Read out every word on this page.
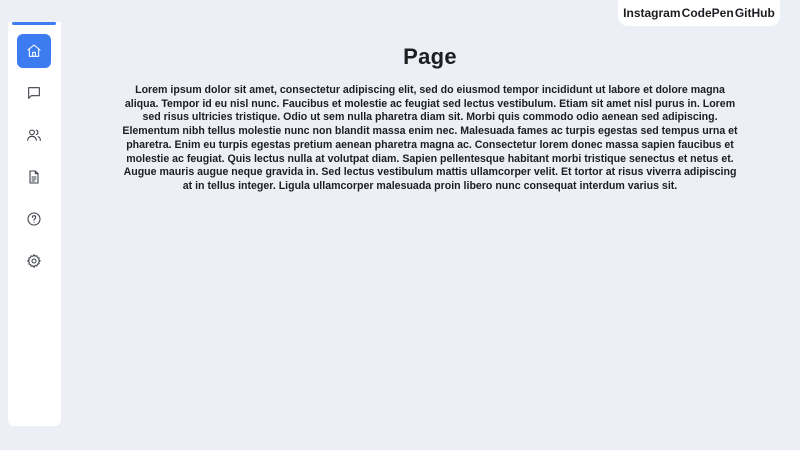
Instagram CodePen GitHub
Page

Lorem ipsum dolor sit amet, consectetur adipiscing elit, sed do eiusmod tempor incididunt ut labore et dolore magna aliqua. Tempor id eu nisl nunc. Faucibus et molestie ac feugiat sed lectus vestibulum. Etiam sit amet nisl purus in. Lorem sed risus ultricies tristique. Odio ut sem nulla pharetra diam sit. Morbi quis commodo odio aenean sed adipiscing. Elementum nibh tellus molestie nunc non blandit massa enim nec. Malesuada fames ac turpis egestas sed tempus urna et pharetra. Enim eu turpis egestas pretium aenean pharetra magna ac. Consectetur lorem donec massa sapien faucibus et molestie ac feugiat. Quis lectus nulla at volutpat diam. Sapien pellentesque habitant morbi tristique senectus et netus et. Augue mauris augue neque gravida in. Sed lectus vestibulum mattis ullamcorper velit. Et tortor at risus viverra adipiscing at in tellus integer. Ligula ullamcorper malesuada proin libero nunc consequat interdum varius sit.
